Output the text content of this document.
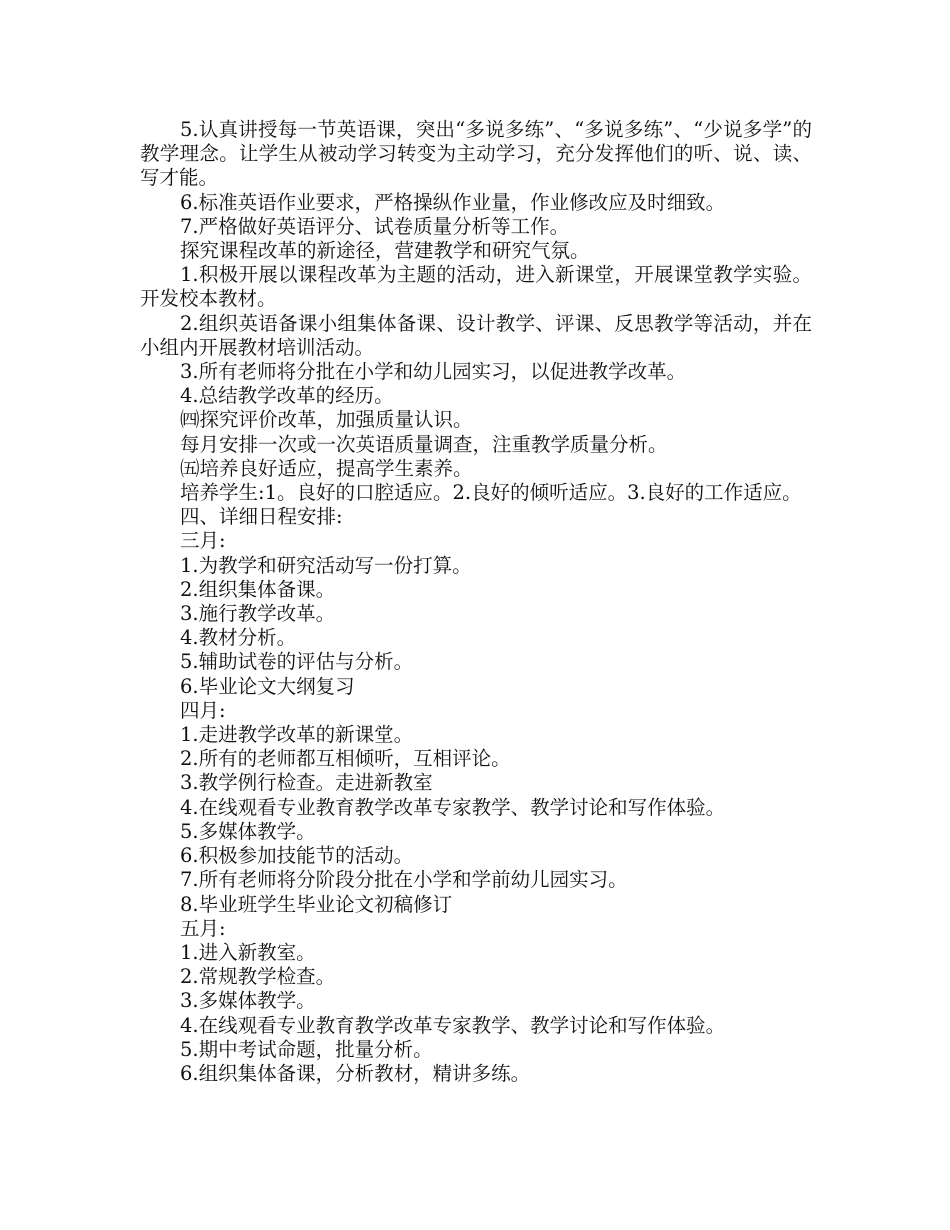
5.认真讲授每一节英语课，突出“多说多练”、“多说多练”、“少说多学”的教学理念。让学生从被动学习转变为主动学习，充分发挥他们的听、说、读、写才能。

6.标准英语作业要求，严格操纵作业量，作业修改应及时细致。

7.严格做好英语评分、试卷质量分析等工作。

探究课程改革的新途径，营建教学和研究气氛。

1.积极开展以课程改革为主题的活动，进入新课堂，开展课堂教学实验。开发校本教材。

2.组织英语备课小组集体备课、设计教学、评课、反思教学等活动，并在小组内开展教材培训活动。

3.所有老师将分批在小学和幼儿园实习，以促进教学改革。

4.总结教学改革的经历。

㈣探究评价改革，加强质量认识。

每月安排一次或一次英语质量调查，注重教学质量分析。

㈤培养良好适应，提高学生素养。

培养学生:1。良好的口腔适应。2.良好的倾听适应。3.良好的工作适应。

四、详细日程安排:

三月:

1.为教学和研究活动写一份打算。

2.组织集体备课。

3.施行教学改革。

4.教材分析。

5.辅助试卷的评估与分析。

6.毕业论文大纲复习

四月:

1.走进教学改革的新课堂。

2.所有的老师都互相倾听，互相评论。

3.教学例行检查。走进新教室

4.在线观看专业教育教学改革专家教学、教学讨论和写作体验。

5.多媒体教学。

6.积极参加技能节的活动。

7.所有老师将分阶段分批在小学和学前幼儿园实习。

8.毕业班学生毕业论文初稿修订

五月:

1.进入新教室。

2.常规教学检查。

3.多媒体教学。

4.在线观看专业教育教学改革专家教学、教学讨论和写作体验。

5.期中考试命题，批量分析。

6.组织集体备课，分析教材，精讲多练。
